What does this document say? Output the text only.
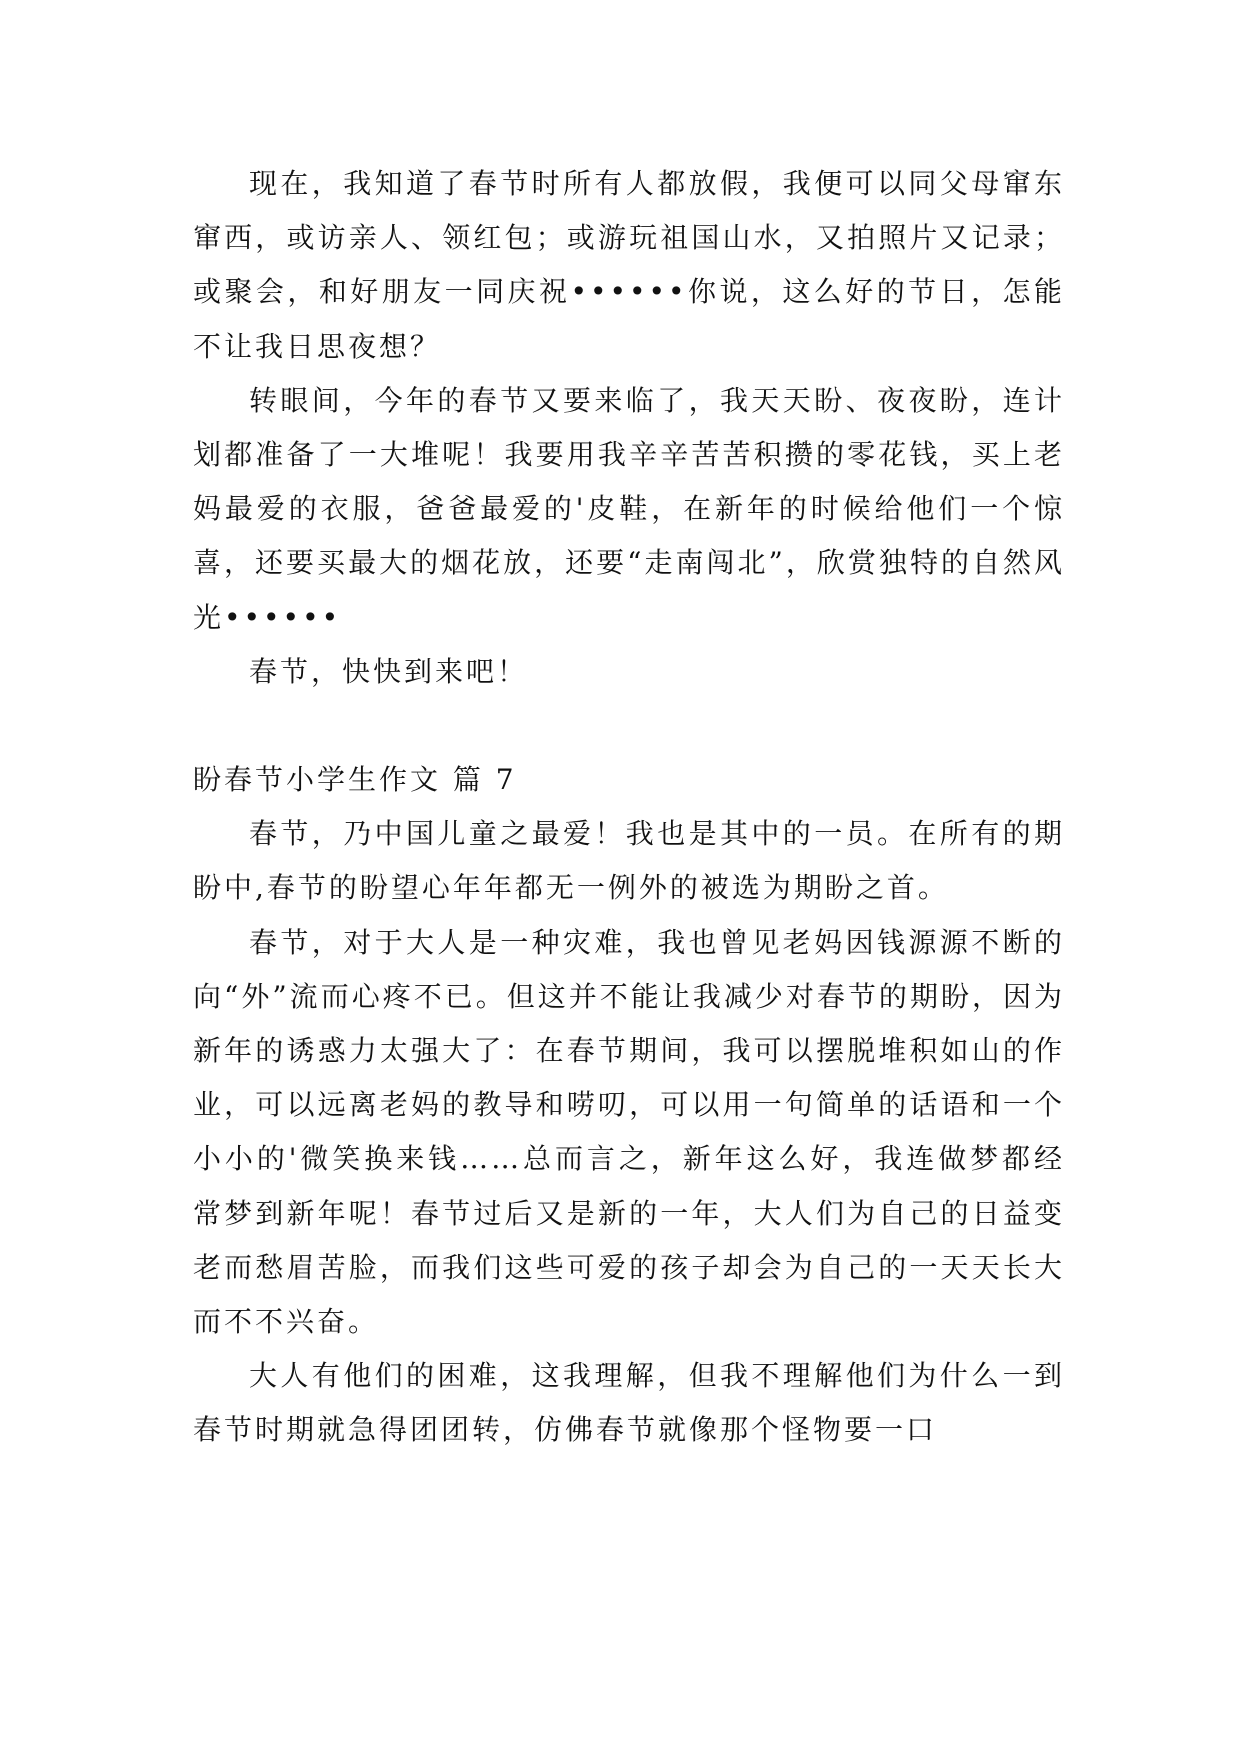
现在，我知道了春节时所有人都放假，我便可以同父母窜东窜西，或访亲人、领红包；或游玩祖国山水，又拍照片又记录；或聚会，和好朋友一同庆祝••••••你说，这么好的节日，怎能不让我日思夜想？

转眼间，今年的春节又要来临了，我天天盼、夜夜盼，连计划都准备了一大堆呢！我要用我辛辛苦苦积攒的零花钱，买上老妈最爱的衣服，爸爸最爱的'皮鞋，在新年的时候给他们一个惊喜，还要买最大的烟花放，还要“走南闯北”，欣赏独特的自然风光••••••

春节，快快到来吧！

盼春节小学生作文 篇 7

春节，乃中国儿童之最爱！我也是其中的一员。在所有的期盼中,春节的盼望心年年都无一例外的被选为期盼之首。

春节，对于大人是一种灾难，我也曾见老妈因钱源源不断的向“外”流而心疼不已。但这并不能让我减少对春节的期盼，因为新年的诱惑力太强大了：在春节期间，我可以摆脱堆积如山的作业，可以远离老妈的教导和唠叨，可以用一句简单的话语和一个小小的'微笑换来钱……总而言之，新年这么好，我连做梦都经常梦到新年呢！春节过后又是新的一年，大人们为自己的日益变老而愁眉苦脸，而我们这些可爱的孩子却会为自己的一天天长大而不不兴奋。

大人有他们的困难，这我理解，但我不理解他们为什么一到春节时期就急得团团转，仿佛春节就像那个怪物要一口
